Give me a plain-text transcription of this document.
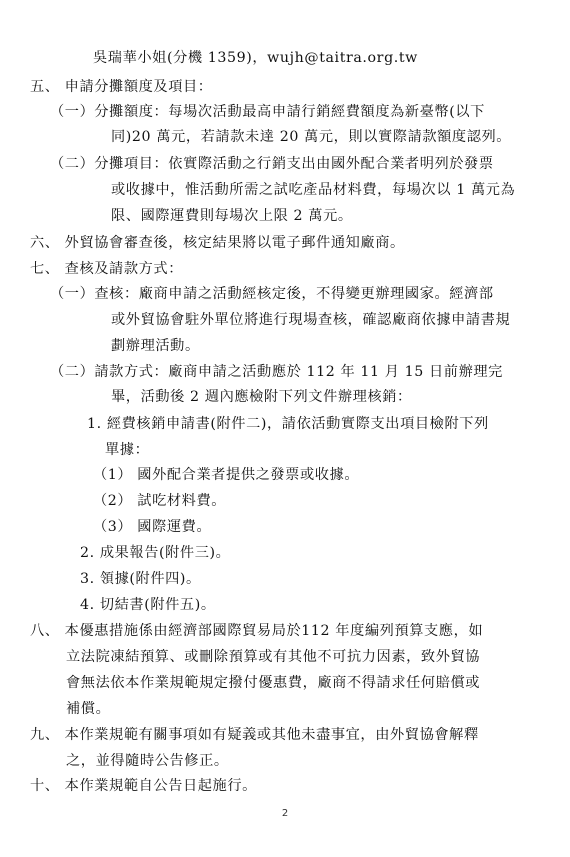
吳瑞華小姐(分機 1359)，wujh@taitra.org.tw
五、 申請分攤額度及項目：
（一）分攤額度：每場次活動最高申請行銷經費額度為新臺幣(以下
同)20 萬元，若請款未達 20 萬元，則以實際請款額度認列。
（二）分攤項目：依實際活動之行銷支出由國外配合業者明列於發票
或收據中，惟活動所需之試吃產品材料費，每場次以 1 萬元為
限、國際運費則每場次上限 2 萬元。
六、 外貿協會審查後，核定結果將以電子郵件通知廠商。
七、 查核及請款方式：
（一）查核：廠商申請之活動經核定後，不得變更辦理國家。經濟部
或外貿協會駐外單位將進行現場查核，確認廠商依據申請書規
劃辦理活動。
（二）請款方式：廠商申請之活動應於 112 年 11 月 15 日前辦理完
畢，活動後 2 週內應檢附下列文件辦理核銷：
1. 經費核銷申請書(附件二)，請依活動實際支出項目檢附下列
單據：
（1） 國外配合業者提供之發票或收據。
（2） 試吃材料費。
（3） 國際運費。
2. 成果報告(附件三)。
3. 領據(附件四)。
4. 切結書(附件五)。
八、 本優惠措施係由經濟部國際貿易局於112 年度編列預算支應，如
立法院凍結預算、或刪除預算或有其他不可抗力因素，致外貿協
會無法依本作業規範規定撥付優惠費，廠商不得請求任何賠償或
補償。
九、 本作業規範有關事項如有疑義或其他未盡事宜，由外貿協會解釋
之，並得隨時公告修正。
十、 本作業規範自公告日起施行。
2
